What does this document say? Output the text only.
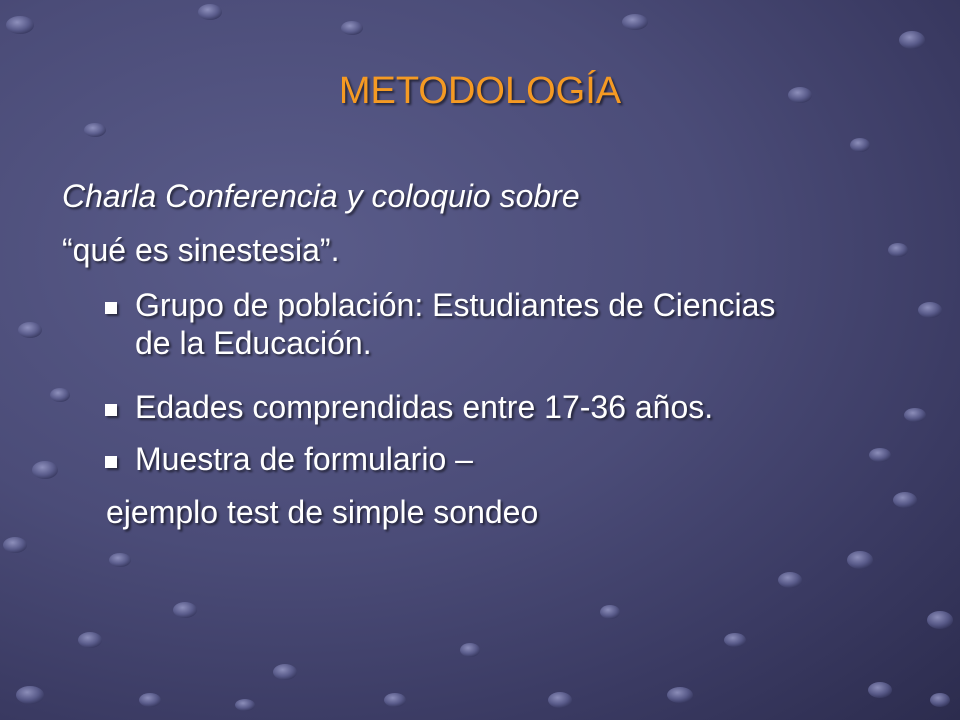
METODOLOGÍA
Charla Conferencia y coloquio sobre
“qué es sinestesia”.
Grupo de población: Estudiantes de Ciencias
de la Educación.
Edades comprendidas entre 17-36 años.
Muestra de formulario –
ejemplo test de simple sondeo
